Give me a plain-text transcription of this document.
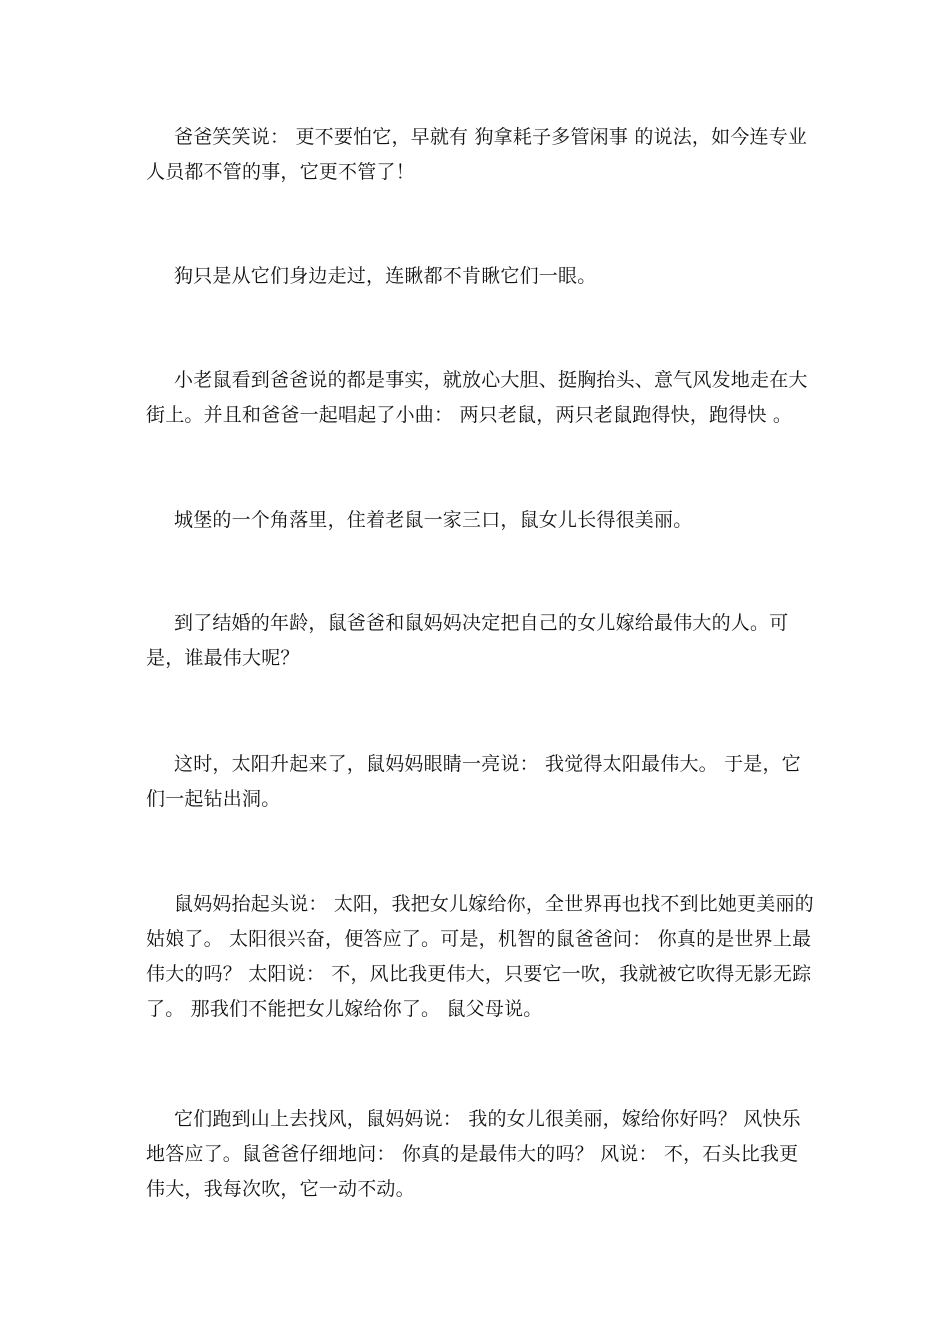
爸爸笑笑说： 更不要怕它，早就有 狗拿耗子多管闲事 的说法，如今连专业人员都不管的事，它更不管了！

狗只是从它们身边走过，连瞅都不肯瞅它们一眼。

小老鼠看到爸爸说的都是事实，就放心大胆、挺胸抬头、意气风发地走在大街上。并且和爸爸一起唱起了小曲： 两只老鼠，两只老鼠跑得快，跑得快 。

城堡的一个角落里，住着老鼠一家三口，鼠女儿长得很美丽。

到了结婚的年龄，鼠爸爸和鼠妈妈决定把自己的女儿嫁给最伟大的人。可是，谁最伟大呢？

这时，太阳升起来了，鼠妈妈眼睛一亮说： 我觉得太阳最伟大。 于是，它们一起钻出洞。

鼠妈妈抬起头说： 太阳，我把女儿嫁给你，全世界再也找不到比她更美丽的姑娘了。 太阳很兴奋，便答应了。可是，机智的鼠爸爸问： 你真的是世界上最伟大的吗？ 太阳说： 不，风比我更伟大，只要它一吹，我就被它吹得无影无踪了。 那我们不能把女儿嫁给你了。 鼠父母说。

它们跑到山上去找风，鼠妈妈说： 我的女儿很美丽，嫁给你好吗？ 风快乐地答应了。鼠爸爸仔细地问： 你真的是最伟大的吗？ 风说： 不，石头比我更伟大，我每次吹，它一动不动。
